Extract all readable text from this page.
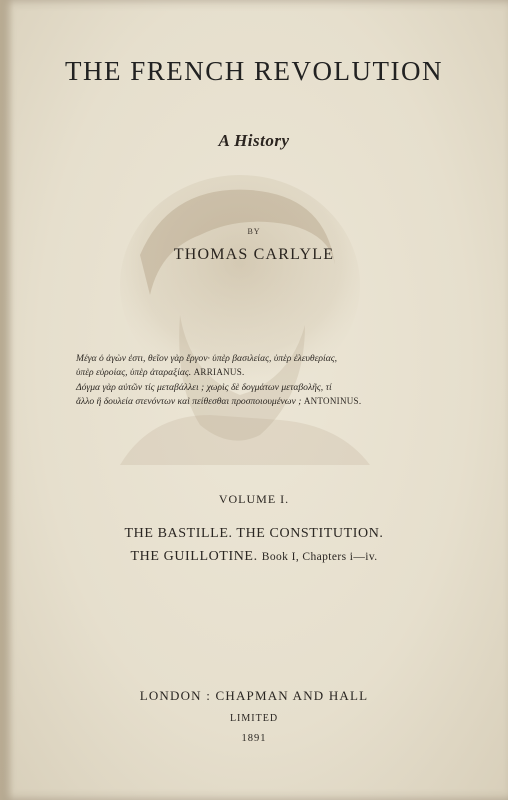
THE FRENCH REVOLUTION
A History
BY
THOMAS CARLYLE
Μέγα ὁ ἀγὼν ἐστι, θεῖον γὰρ ἔργον· ὑπὲρ βασιλείας, ὑπὲρ ἐλευθερίας,
ὑπὲρ εὐροίας, ὑπὲρ ἀταραξίας. ARRIANUS.
Δόγμα γὰρ αὐτῶν τίς μεταβάλλει ; χωρὶς δὲ δογμάτων μεταβολῆς, τί
ἄλλο ἢ δουλεία στενόντων καὶ πείθεσθαι προσποιουμένων ; ANTONINUS.
VOLUME I.
THE BASTILLE. THE CONSTITUTION.
THE GUILLOTINE. Book I, Chapters i—iv.
LONDON : CHAPMAN AND HALL
LIMITED
1891
